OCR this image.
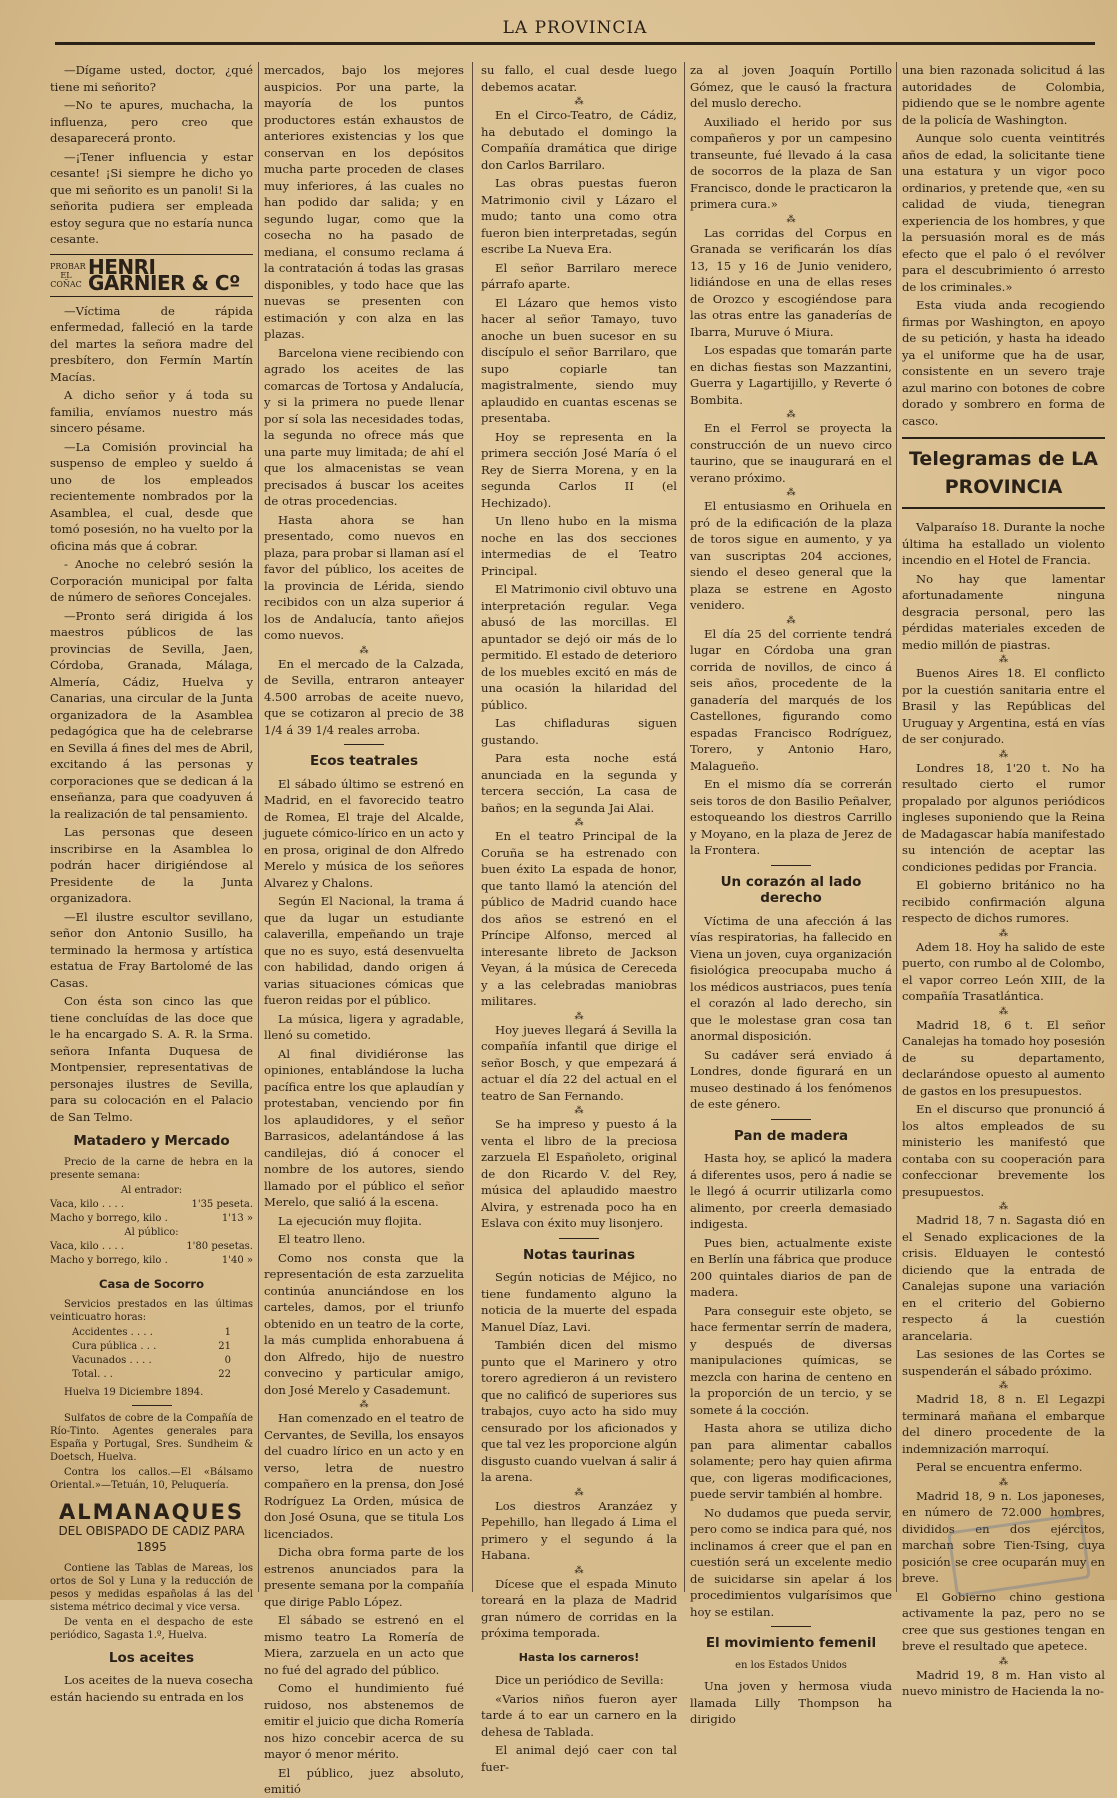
LA PROVINCIA

—Dígame usted, doctor, ¿qué tiene mi señorito?

—No te apures, muchacha, la influenza, pero creo que desaparecerá pronto.

—¡Tener influencia y estar cesante! ¡Si siempre he dicho yo que mi señorito es un panoli! Si la señorita pudiera ser empleada estoy segura que no estaría nunca cesante.

PROBAR EL COÑAC
HENRI GARNIER & Cº

—Víctima de rápida enfermedad, falleció en la tarde del martes la señora madre del presbítero, don Fermín Martín Macías.

A dicho señor y á toda su familia, envíamos nuestro más sincero pésame.

—La Comisión provincial ha suspenso de empleo y sueldo á uno de los empleados recientemente nombrados por la Asamblea, el cual, desde que tomó posesión, no ha vuelto por la oficina más que á cobrar.

- Anoche no celebró sesión la Corporación municipal por falta de número de señores Concejales.

—Pronto será dirigida á los maestros públicos de las provincias de Sevilla, Jaen, Córdoba, Granada, Málaga, Almería, Cádiz, Huelva y Canarias, una circular de la Junta organizadora de la Asamblea pedagógica que ha de celebrarse en Sevilla á fines del mes de Abril, excitando á las personas y corporaciones que se dedican á la enseñanza, para que coadyuven á la realización de tal pensamiento.

Las personas que deseen inscribirse en la Asamblea lo podrán hacer dirigiéndose al Presidente de la Junta organizadora.

—El ilustre escultor sevillano, señor don Antonio Susillo, ha terminado la hermosa y artística estatua de Fray Bartolomé de las Casas.

Con ésta son cinco las que tiene concluídas de las doce que le ha encargado S. A. R. la Srma. señora Infanta Duquesa de Montpensier, representativas de personajes ilustres de Sevilla, para su colocación en el Palacio de San Telmo.

Matadero y Mercado

Precio de la carne de hebra en la presente semana:

Al entrador:
Vaca, kilo . . . .	1'35 peseta.
Macho y borrego, kilo .	1'13 »
Al público:
Vaca, kilo . . . .	1'80 pesetas.
Macho y borrego, kilo .	1'40 »
Casa de Socorro

Servicios prestados en las últimas veinticuatro horas:

Accidentes . . . .	1
Cura pública . . .	21
Vacunados . . . .	0
Total. . .	22

Huelva 19 Diciembre 1894.

Sulfatos de cobre de la Compañía de Río-Tinto. Agentes generales para España y Portugal, Sres. Sundheim & Doetsch, Huelva.

Contra los callos.—El «Bálsamo Oriental.»—Tetuán, 10, Peluquería.

ALMANAQUES
DEL OBISPADO DE CADIZ PARA 1895

Contiene las Tablas de Mareas, los ortos de Sol y Luna y la reducción de pesos y medidas españolas á las del sistema métrico decimal y vice versa.

De venta en el despacho de este periódico, Sagasta 1.º, Huelva.

Los aceites

Los aceites de la nueva cosecha están haciendo su entrada en los

mercados, bajo los mejores auspicios. Por una parte, la mayoría de los puntos productores están exhaustos de anteriores existencias y los que conservan en los depósitos mucha parte proceden de clases muy inferiores, á las cuales no han podido dar salida; y en segundo lugar, como que la cosecha no ha pasado de mediana, el consumo reclama á la contratación á todas las grasas disponibles, y todo hace que las nuevas se presenten con estimación y con alza en las plazas.

Barcelona viene recibiendo con agrado los aceites de las comarcas de Tortosa y Andalucía, y si la primera no puede llenar por sí sola las necesidades todas, la segunda no ofrece más que una parte muy limitada; de ahí el que los almacenistas se vean precisados á buscar los aceites de otras procedencias.

Hasta ahora se han presentado, como nuevos en plaza, para probar si llaman así el favor del público, los aceites de la provincia de Lérida, siendo recibidos con un alza superior á los de Andalucía, tanto añejos como nuevos.

⁂

En el mercado de la Calzada, de Sevilla, entraron anteayer 4.500 arrobas de aceite nuevo, que se cotizaron al precio de 38 1/4 á 39 1/4 reales arroba.

Ecos teatrales

El sábado último se estrenó en Madrid, en el favorecido teatro de Romea, El traje del Alcalde, juguete cómico-lírico en un acto y en prosa, original de don Alfredo Merelo y música de los señores Alvarez y Chalons.

Según El Nacional, la trama á que da lugar un estudiante calaverilla, empeñando un traje que no es suyo, está desenvuelta con habilidad, dando origen á varias situaciones cómicas que fueron reidas por el público.

La música, ligera y agradable, llenó su cometido.

Al final dividiéronse las opiniones, entablándose la lucha pacífica entre los que aplaudían y protestaban, venciendo por fin los aplaudidores, y el señor Barrasicos, adelantándose á las candilejas, dió á conocer el nombre de los autores, siendo llamado por el público el señor Merelo, que salió á la escena.

La ejecución muy flojita.

El teatro lleno.

Como nos consta que la representación de esta zarzuelita continúa anunciándose en los carteles, damos, por el triunfo obtenido en un teatro de la corte, la más cumplida enhorabuena á don Alfredo, hijo de nuestro convecino y particular amigo, don José Merelo y Casademunt.

⁂

Han comenzado en el teatro de Cervantes, de Sevilla, los ensayos del cuadro lírico en un acto y en verso, letra de nuestro compañero en la prensa, don José Rodríguez La Orden, música de don José Osuna, que se titula Los licenciados.

Dicha obra forma parte de los estrenos anunciados para la presente semana por la compañía que dirige Pablo López.

El sábado se estrenó en el mismo teatro La Romería de Miera, zarzuela en un acto que no fué del agrado del público.

Como el hundimiento fué ruidoso, nos abstenemos de emitir el juicio que dicha Romería nos hizo concebir acerca de su mayor ó menor mérito.

El público, juez absoluto, emitió

su fallo, el cual desde luego debemos acatar.

⁂

En el Circo-Teatro, de Cádiz, ha debutado el domingo la Compañía dramática que dirige don Carlos Barrilaro.

Las obras puestas fueron Matrimonio civil y Lázaro el mudo; tanto una como otra fueron bien interpretadas, según escribe La Nueva Era.

El señor Barrilaro merece párrafo aparte.

El Lázaro que hemos visto hacer al señor Tamayo, tuvo anoche un buen sucesor en su discípulo el señor Barrilaro, que supo copiarle tan magistralmente, siendo muy aplaudido en cuantas escenas se presentaba.

Hoy se representa en la primera sección José María ó el Rey de Sierra Morena, y en la segunda Carlos II (el Hechizado).

Un lleno hubo en la misma noche en las dos secciones intermedias de el Teatro Principal.

El Matrimonio civil obtuvo una interpretación regular. Vega abusó de las morcillas. El apuntador se dejó oir más de lo permitido. El estado de deterioro de los muebles excitó en más de una ocasión la hilaridad del público.

Las chifladuras siguen gustando.

Para esta noche está anunciada en la segunda y tercera sección, La casa de baños; en la segunda Jai Alai.

⁂

En el teatro Principal de la Coruña se ha estrenado con buen éxito La espada de honor, que tanto llamó la atención del público de Madrid cuando hace dos años se estrenó en el Príncipe Alfonso, merced al interesante libreto de Jackson Veyan, á la música de Cereceda y a las celebradas maniobras militares.

⁂

Hoy jueves llegará á Sevilla la compañía infantil que dirige el señor Bosch, y que empezará á actuar el día 22 del actual en el teatro de San Fernando.

⁂

Se ha impreso y puesto á la venta el libro de la preciosa zarzuela El Españoleto, original de don Ricardo V. del Rey, música del aplaudido maestro Alvira, y estrenada poco ha en Eslava con éxito muy lisonjero.

Notas taurinas

Según noticias de Méjico, no tiene fundamento alguno la noticia de la muerte del espada Manuel Díaz, Lavi.

También dicen del mismo punto que el Marinero y otro torero agredieron á un revistero que no calificó de superiores sus trabajos, cuyo acto ha sido muy censurado por los aficionados y que tal vez les proporcione algún disgusto cuando vuelvan á salir á la arena.

⁂

Los diestros Aranzáez y Pepehillo, han llegado á Lima el primero y el segundo á la Habana.

⁂

Dícese que el espada Minuto toreará en la plaza de Madrid gran número de corridas en la próxima temporada.

Hasta los carneros!

Dice un periódico de Sevilla:

«Varios niños fueron ayer tarde á to ear un carnero en la dehesa de Tablada.

El animal dejó caer con tal fuer-

za al joven Joaquín Portillo Gómez, que le causó la fractura del muslo derecho.

Auxiliado el herido por sus compañeros y por un campesino transeunte, fué llevado á la casa de socorros de la plaza de San Francisco, donde le practicaron la primera cura.»

⁂

Las corridas del Corpus en Granada se verificarán los días 13, 15 y 16 de Junio venidero, lidiándose en una de ellas reses de Orozco y escogiéndose para las otras entre las ganaderías de Ibarra, Muruve ó Miura.

Los espadas que tomarán parte en dichas fiestas son Mazzantini, Guerra y Lagartijillo, y Reverte ó Bombita.

⁂

En el Ferrol se proyecta la construcción de un nuevo circo taurino, que se inaugurará en el verano próximo.

⁂

El entusiasmo en Orihuela en pró de la edificación de la plaza de toros sigue en aumento, y ya van suscriptas 204 acciones, siendo el deseo general que la plaza se estrene en Agosto venidero.

⁂

El día 25 del corriente tendrá lugar en Córdoba una gran corrida de novillos, de cinco á seis años, procedente de la ganadería del marqués de los Castellones, figurando como espadas Francisco Rodríguez, Torero, y Antonio Haro, Malagueño.

En el mismo día se correrán seis toros de don Basilio Peñalver, estoqueando los diestros Carrillo y Moyano, en la plaza de Jerez de la Frontera.

Un corazón al lado derecho

Víctima de una afección á las vías respiratorias, ha fallecido en Viena un joven, cuya organización fisiológica preocupaba mucho á los médicos austriacos, pues tenía el corazón al lado derecho, sin que le molestase gran cosa tan anormal disposición.

Su cadáver será enviado á Londres, donde figurará en un museo destinado á los fenómenos de este género.

Pan de madera

Hasta hoy, se aplicó la madera á diferentes usos, pero á nadie se le llegó á ocurrir utilizarla como alimento, por creerla demasiado indigesta.

Pues bien, actualmente existe en Berlín una fábrica que produce 200 quintales diarios de pan de madera.

Para conseguir este objeto, se hace fermentar serrín de madera, y después de diversas manipulaciones químicas, se mezcla con harina de centeno en la proporción de un tercio, y se somete á la cocción.

Hasta ahora se utiliza dicho pan para alimentar caballos solamente; pero hay quien afirma que, con ligeras modificaciones, puede servir también al hombre.

No dudamos que pueda servir, pero como se indica para qué, nos inclinamos á creer que el pan en cuestión será un excelente medio de suicidarse sin apelar á los procedimientos vulgarísimos que hoy se estilan.

El movimiento femenil
en los Estados Unidos

Una joven y hermosa viuda llamada Lilly Thompson ha dirigido

una bien razonada solicitud á las autoridades de Colombia, pidiendo que se le nombre agente de la policía de Washington.

Aunque solo cuenta veintitrés años de edad, la solicitante tiene una estatura y un vigor poco ordinarios, y pretende que, «en su calidad de viuda, tienegran experiencia de los hombres, y que la persuasión moral es de más efecto que el palo ó el revólver para el descubrimiento ó arresto de los criminales.»

Esta viuda anda recogiendo firmas por Washington, en apoyo de su petición, y hasta ha ideado ya el uniforme que ha de usar, consistente en un severo traje azul marino con botones de cobre dorado y sombrero en forma de casco.

Telegramas de LA PROVINCIA

Valparaíso 18. Durante la noche última ha estallado un violento incendio en el Hotel de Francia.

No hay que lamentar afortunadamente ninguna desgracia personal, pero las pérdidas materiales exceden de medio millón de piastras.

⁂

Buenos Aires 18. El conflicto por la cuestión sanitaria entre el Brasil y las Repúblicas del Uruguay y Argentina, está en vías de ser conjurado.

⁂

Londres 18, 1'20 t. No ha resultado cierto el rumor propalado por algunos periódicos ingleses suponiendo que la Reina de Madagascar había manifestado su intención de aceptar las condiciones pedidas por Francia.

El gobierno británico no ha recibido confirmación alguna respecto de dichos rumores.

⁂

Adem 18. Hoy ha salido de este puerto, con rumbo al de Colombo, el vapor correo León XIII, de la compañía Trasatlántica.

⁂

Madrid 18, 6 t. El señor Canalejas ha tomado hoy posesión de su departamento, declarándose opuesto al aumento de gastos en los presupuestos.

En el discurso que pronunció á los altos empleados de su ministerio les manifestó que contaba con su cooperación para confeccionar brevemente los presupuestos.

⁂

Madrid 18, 7 n. Sagasta dió en el Senado explicaciones de la crisis. Elduayen le contestó diciendo que la entrada de Canalejas supone una variación en el criterio del Gobierno respecto á la cuestión arancelaria.

Las sesiones de las Cortes se suspenderán el sábado próximo.

⁂

Madrid 18, 8 n. El Legazpi terminará mañana el embarque del dinero procedente de la indemnización marroquí.

Peral se encuentra enfermo.

⁂

Madrid 18, 9 n. Los japoneses, en número de 72.000 hombres, divididos en dos ejércitos, marchan sobre Tien-Tsing, cuya posición se cree ocuparán muy en breve.

El Gobierno chino gestiona activamente la paz, pero no se cree que sus gestiones tengan en breve el resultado que apetece.

⁂

Madrid 19, 8 m. Han visto al nuevo ministro de Hacienda la no-
